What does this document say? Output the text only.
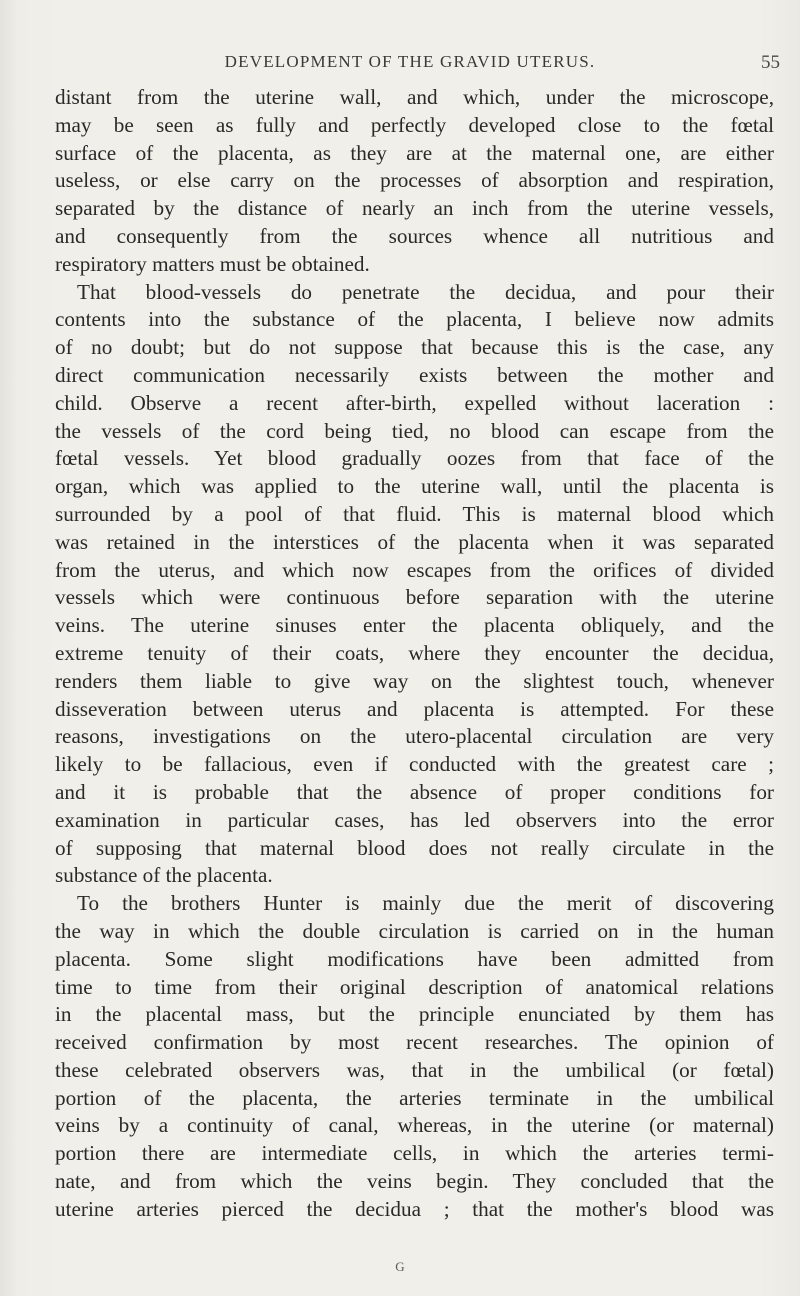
DEVELOPMENT OF THE GRAVID UTERUS.	55
distant from the uterine wall, and which, under the microscope,
may be seen as fully and perfectly developed close to the fœtal
surface of the placenta, as they are at the maternal one, are either
useless, or else carry on the processes of absorption and respiration,
separated by the distance of nearly an inch from the uterine vessels,
and consequently from the sources whence all nutritious and
respiratory matters must be obtained.
That blood-vessels do penetrate the decidua, and pour their
contents into the substance of the placenta, I believe now admits
of no doubt; but do not suppose that because this is the case, any
direct communication necessarily exists between the mother and
child. Observe a recent after-birth, expelled without laceration :
the vessels of the cord being tied, no blood can escape from the
fœtal vessels. Yet blood gradually oozes from that face of the
organ, which was applied to the uterine wall, until the placenta is
surrounded by a pool of that fluid. This is maternal blood which
was retained in the interstices of the placenta when it was separated
from the uterus, and which now escapes from the orifices of divided
vessels which were continuous before separation with the uterine
veins. The uterine sinuses enter the placenta obliquely, and the
extreme tenuity of their coats, where they encounter the decidua,
renders them liable to give way on the slightest touch, whenever
disseveration between uterus and placenta is attempted. For these
reasons, investigations on the utero-placental circulation are very
likely to be fallacious, even if conducted with the greatest care ;
and it is probable that the absence of proper conditions for
examination in particular cases, has led observers into the error
of supposing that maternal blood does not really circulate in the
substance of the placenta.
To the brothers Hunter is mainly due the merit of discovering
the way in which the double circulation is carried on in the human
placenta. Some slight modifications have been admitted from
time to time from their original description of anatomical relations
in the placental mass, but the principle enunciated by them has
received confirmation by most recent researches. The opinion of
these celebrated observers was, that in the umbilical (or fœtal)
portion of the placenta, the arteries terminate in the umbilical
veins by a continuity of canal, whereas, in the uterine (or maternal)
portion there are intermediate cells, in which the arteries termi-
nate, and from which the veins begin. They concluded that the
uterine arteries pierced the decidua ; that the mother's blood was
G
